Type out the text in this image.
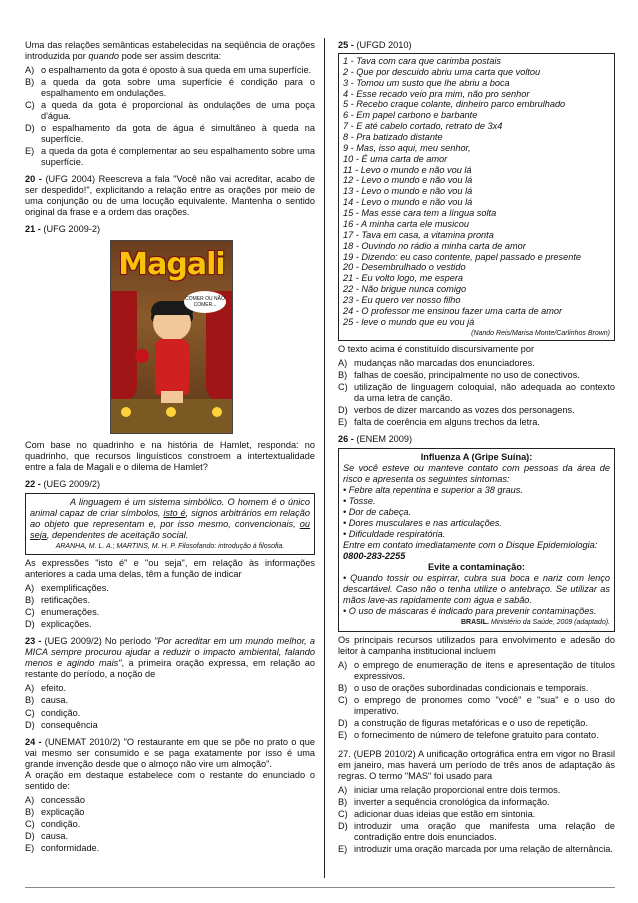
Uma das relações semânticas estabelecidas na seqüência de orações introduzida por quando pode ser assim descrita:

A) o espalhamento da gota é oposto à sua queda em uma superfície.
B) a queda da gota sobre uma superfície é condição para o espalhamento em ondulações.
C) a queda da gota é proporcional às ondulações de uma poça d'água.
D) o espalhamento da gota de água é simultâneo à queda na superfície.
E) a queda da gota é complementar ao seu espalhamento sobre uma superfície.

20 - (UFG 2004) Reescreva a fala "Você não vai acreditar, acabo de ser despedido!", explicitando a relação entre as orações por meio de uma conjunção ou de uma locução equivalente. Mantenha o sentido original da frase e a ordem das orações.

21 - (UFG 2009-2)

COMER OU NÃO COMER...
Magali

Com base no quadrinho e na história de Hamlet, responda: no quadrinho, que recursos linguísticos constroem a intertextualidade entre a fala de Magali e o dilema de Hamlet?

22 - (UEG 2009/2)

A linguagem é um sistema simbólico. O homem é o único animal capaz de criar símbolos, isto é, signos arbitrários em relação ao objeto que representam e, por isso mesmo, convencionais, ou seja, dependentes de aceitação social.

ARANHA, M. L. A.; MARTINS, M. H. P. Filosofando: introdução à filosofia.

As expressões "isto é" e "ou seja", em relação às informações anteriores a cada uma delas, têm a função de indicar

A) exemplificações.
B) retificações.
C) enumerações.
D) explicações.

23 - (UEG 2009/2) No período "Por acreditar em um mundo melhor, a MICA sempre procurou ajudar a reduzir o impacto ambiental, falando menos e agindo mais", a primeira oração expressa, em relação ao restante do período, a noção de

A) efeito.
B) causa.
C) condição.
D) consequência

24 - (UNEMAT 2010/2) "O restaurante em que se põe no prato o que vai mesmo ser consumido e se paga exatamente por isso é uma grande invenção desde que o almoço não vire um almoção".

A oração em destaque estabelece com o restante do enunciado o sentido de:

A) concessão
B) explicação
C) condição.
D) causa.
E) conformidade.

25 - (UFGD 2010)

1 - Tava com cara que carimba postais
2 - Que por descuido abriu uma carta que voltou
3 - Tomou um susto que lhe abriu a boca
4 - Esse recado veio pra mim, não pro senhor
5 - Recebo craque colante, dinheiro parco embrulhado
6 - Em papel carbono e barbante
7 - E até cabelo cortado, retrato de 3x4
8 - Pra batizado distante
9 - Mas, isso aqui, meu senhor,
10 - É uma carta de amor
11 - Levo o mundo e não vou lá
12 - Levo o mundo e não vou lá
13 - Levo o mundo e não vou lá
14 - Levo o mundo e não vou lá
15 - Mas esse cara tem a língua solta
16 - A minha carta ele musicou
17 - Tava em casa, a vitamina pronta
18 - Ouvindo no rádio a minha carta de amor
19 - Dizendo: eu caso contente, papel passado e presente
20 - Desembrulhado o vestido
21 - Eu volto logo, me espera
22 - Não brigue nunca comigo
23 - Eu quero ver nosso filho
24 - O professor me ensinou fazer uma carta de amor
25 - leve o mundo que eu vou já

(Nando Reis/Marisa Monte/Carlinhos Brown)

O texto acima é constituído discursivamente por

A) mudanças não marcadas dos enunciadores.
B) falhas de coesão, principalmente no uso de conectivos.
C) utilização de linguagem coloquial, não adequada ao contexto da uma letra de canção.
D) verbos de dizer marcando as vozes dos personagens.
E) falta de coerência em alguns trechos da letra.

26 - (ENEM 2009)

Influenza A (Gripe Suína):

Se você esteve ou manteve contato com pessoas da área de risco e apresenta os seguintes sintomas:

• Febre alta repentina e superior a 38 graus.
• Tosse.
• Dor de cabeça.
• Dores musculares e nas articulações.
• Dificuldade respiratória.

Entre em contato imediatamente com o Disque Epidemiologia:

0800-283-2255

Evite a contaminação:

• Quando tossir ou espirrar, cubra sua boca e nariz com lenço descartável. Caso não o tenha utilize o antebraço. Se utilizar as mãos lave-as rapidamente com água e sabão.

• O uso de máscaras é indicado para prevenir contaminações.

BRASIL. Ministério da Saúde, 2009 (adaptado).

Os principais recursos utilizados para envolvimento e adesão do leitor à campanha institucional incluem

A) o emprego de enumeração de itens e apresentação de títulos expressivos.
B) o uso de orações subordinadas condicionais e temporais.
C) o emprego de pronomes como "você" e "sua" e o uso do imperativo.
D) a construção de figuras metafóricas e o uso de repetição.
E) o fornecimento de número de telefone gratuito para contato.

27. (UEPB 2010/2) A unificação ortográfica entra em vigor no Brasil em janeiro, mas haverá um período de três anos de adaptação às regras. O termo "MAS" foi usado para

A) iniciar uma relação proporcional entre dois termos.
B) inverter a sequência cronológica da informação.
C) adicionar duas ideias que estão em sintonia.
D) introduzir uma oração que manifesta uma relação de contradição entre dois enunciados.
E) introduzir uma oração marcada por uma relação de alternância.
